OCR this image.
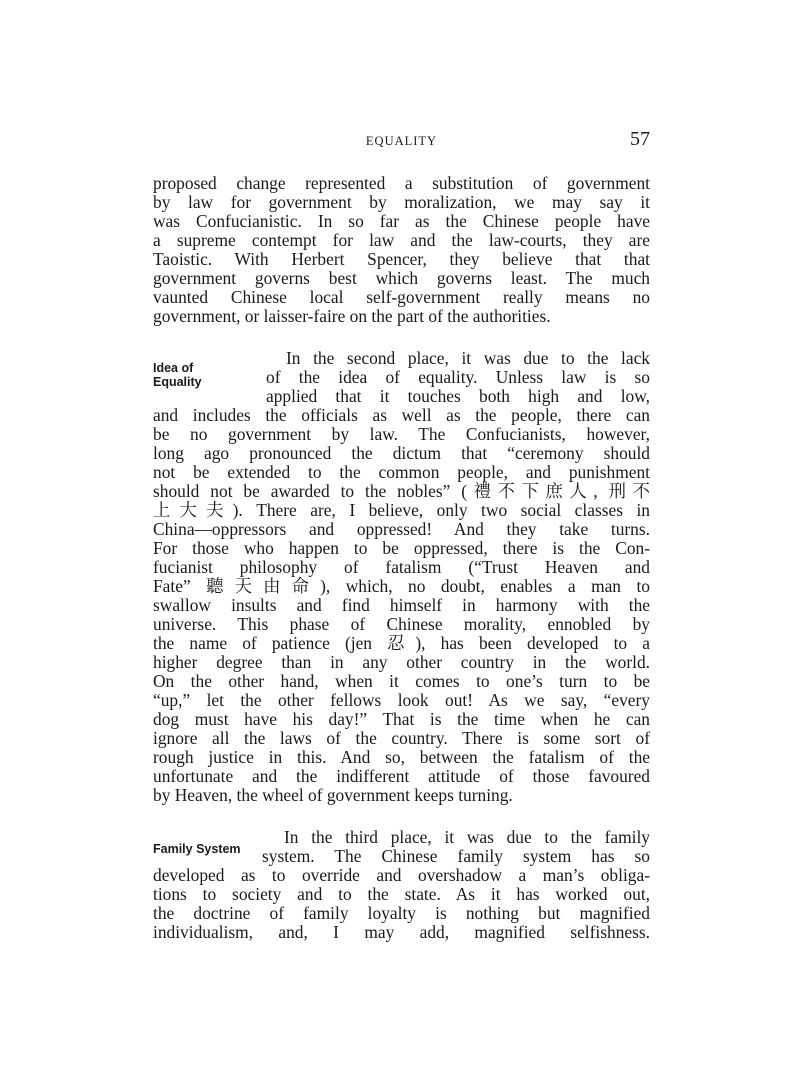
EQUALITY	57
proposed change represented a substitution of government
by law for government by moralization, we may say it
was Confucianistic. In so far as the Chinese people have
a supreme contempt for law and the law-courts, they are
Taoistic. With Herbert Spencer, they believe that that
government governs best which governs least. The much
vaunted Chinese local self-government really means no
government, or laisser-faire on the part of the authorities.
Idea of
Equality
In the second place, it was due to the lack
of the idea of equality. Unless law is so
applied that it touches both high and low,
and includes the officials as well as the people, there can
be no government by law. The Confucianists, however,
long ago pronounced the dictum that “ceremony should
not be extended to the common people, and punishment
should not be awarded to the nobles” (禮不下庶人, 刑不
上大夫). There are, I believe, only two social classes in
China—oppressors and oppressed! And they take turns.
For those who happen to be oppressed, there is the Con-
fucianist philosophy of fatalism (“Trust Heaven and
Fate” 聽天由命), which, no doubt, enables a man to
swallow insults and find himself in harmony with the
universe. This phase of Chinese morality, ennobled by
the name of patience (jen 忍), has been developed to a
higher degree than in any other country in the world.
On the other hand, when it comes to one’s turn to be
“up,” let the other fellows look out! As we say, “every
dog must have his day!” That is the time when he can
ignore all the laws of the country. There is some sort of
rough justice in this. And so, between the fatalism of the
unfortunate and the indifferent attitude of those favoured
by Heaven, the wheel of government keeps turning.
Family System
In the third place, it was due to the family
system. The Chinese family system has so
developed as to override and overshadow a man’s obliga-
tions to society and to the state. As it has worked out,
the doctrine of family loyalty is nothing but magnified
individualism, and, I may add, magnified selfishness.
